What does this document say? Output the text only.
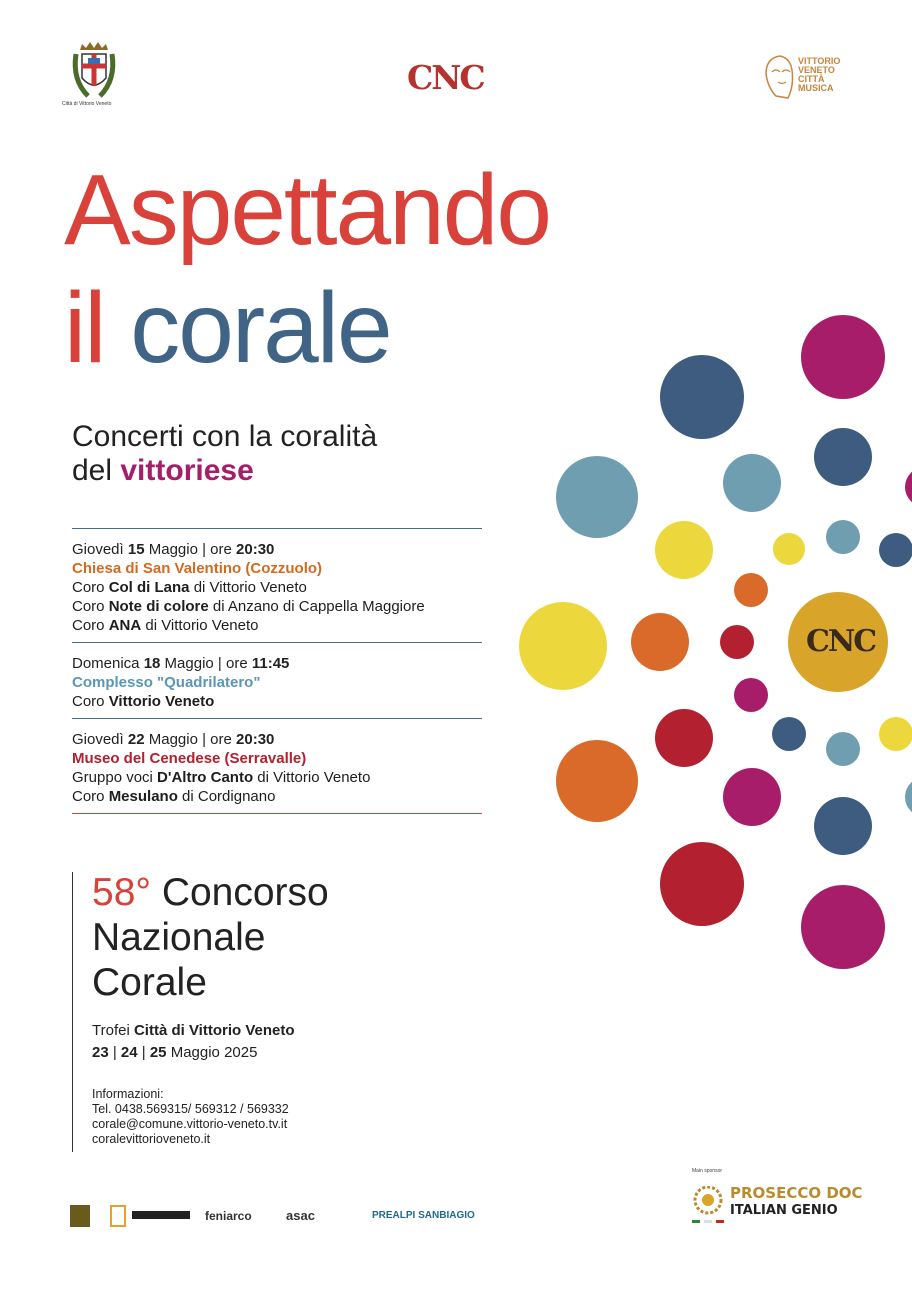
CNC
Città di Vittorio Veneto
CNC	VITTORIO
VENETO
CITTÀ
MUSICA
Aspettando
il corale
Concerti con la coralità
del vittoriese
Giovedì 15 Maggio | ore 20:30
Chiesa di San Valentino (Cozzuolo)
Coro Col di Lana di Vittorio Veneto
Coro Note di colore di Anzano di Cappella Maggiore
Coro ANA di Vittorio Veneto
Domenica 18 Maggio | ore 11:45
Complesso "Quadrilatero"
Coro Vittorio Veneto
Giovedì 22 Maggio | ore 20:30
Museo del Cenedese (Serravalle)
Gruppo voci D'Altro Canto di Vittorio Veneto
Coro Mesulano di Cordignano
58° Concorso
Nazionale
Corale
Trofei Città di Vittorio Veneto
23 | 24 | 25 Maggio 2025
Informazioni:
Tel. 0438.569315/ 569312 / 569332
corale@comune.vittorio-veneto.tv.it
coralevittorioveneto.it
feniarco	asac	PREALPI SANBIAGIO
Main sponsor
PROSECCO DOC
ITALIAN GENIO
